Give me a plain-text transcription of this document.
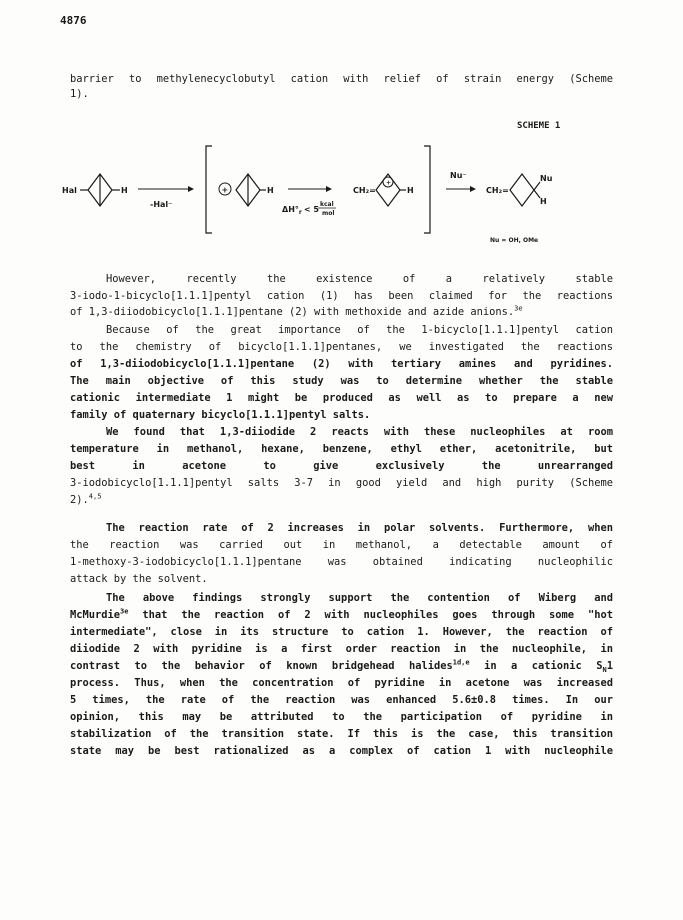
4876
barrier to methylenecyclobutyl cation with relief of strain energy (Scheme
1).
SCHEME 1
Hal	H
-Hal⁻
+	H
$\Delta H^\circ_r < 5$
kcal
mol
CH₂=
+
H
Nu⁻
CH₂=
Nu
H
Nu = OH, OMe
However, recently the existence of a relatively stable
3-iodo-1-bicyclo[1.1.1]pentyl cation (1) has been claimed for the reactions
of 1,3-diiodobicyclo[1.1.1]pentane (2) with methoxide and azide anions.$^{3e}$
Because of the great importance of the 1-bicyclo[1.1.1]pentyl cation
to the chemistry of bicyclo[1.1.1]pentanes, we investigated the reactions
of 1,3-diiodobicyclo[1.1.1]pentane (2) with tertiary amines and pyridines.
The main objective of this study was to determine whether the stable
cationic intermediate 1 might be produced as well as to prepare a new
family of quaternary bicyclo[1.1.1]pentyl salts.
We found that 1,3-diiodide 2 reacts with these nucleophiles at room
temperature in methanol, hexane, benzene, ethyl ether, acetonitrile, but
best in acetone to give exclusively the unrearranged
3-iodobicyclo[1.1.1]pentyl salts 3-7 in good yield and high purity (Scheme
2).$^{4,5}$
The reaction rate of 2 increases in polar solvents. Furthermore, when
the reaction was carried out in methanol, a detectable amount of
1-methoxy-3-iodobicyclo[1.1.1]pentane was obtained indicating nucleophilic
attack by the solvent.
The above findings strongly support the contention of Wiberg and
McMurdie$^{3e}$ that the reaction of 2 with nucleophiles goes through some "hot
intermediate", close in its structure to cation 1. However, the reaction of
diiodide 2 with pyridine is a first order reaction in the nucleophile, in
contrast to the behavior of known bridgehead halides$^{1d,e}$ in a cationic $S_N1$
process. Thus, when the concentration of pyridine in acetone was increased
5 times, the rate of the reaction was enhanced 5.6±0.8 times. In our
opinion, this may be attributed to the participation of pyridine in
stabilization of the transition state. If this is the case, this transition
state may be best rationalized as a complex of cation 1 with nucleophile
